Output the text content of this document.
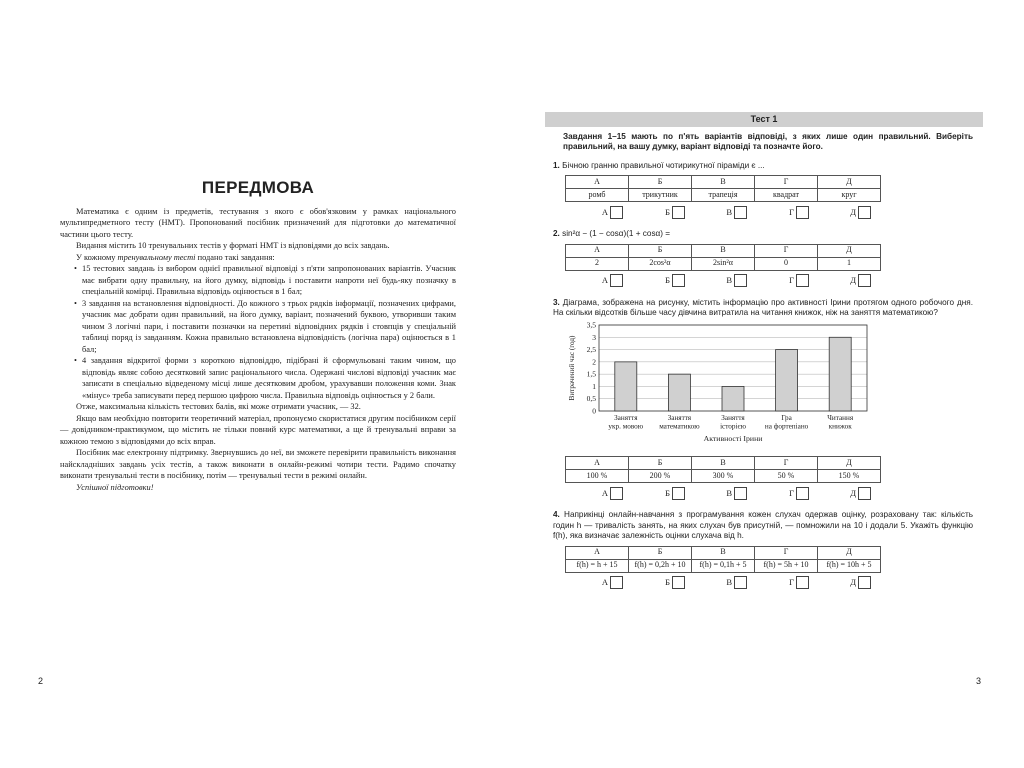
ПЕРЕДМОВА

Математика є одним із предметів, тестування з якого є обов'язковим у рамках національного мультипредметного тесту (НМТ). Пропонований посібник призначений для підготовки до математичної частини цього тесту.

Видання містить 10 тренувальних тестів у форматі НМТ із відповідями до всіх завдань.

У кожному тренувальному тесті подано такі завдання:

• 15 тестових завдань із вибором однієї правильної відповіді з п'яти запропонованих варіантів. Учасник має вибрати одну правильну, на його думку, відповідь і поставити напроти неї будь-яку позначку в спеціальній комірці. Правильна відповідь оцінюється в 1 бал;
• 3 завдання на встановлення відповідності. До кожного з трьох рядків інформації, позначених цифрами, учасник має добрати один правильний, на його думку, варіант, позначений буквою, утворивши таким чином 3 логічні пари, і поставити позначки на перетині відповідних рядків і стовпців у спеціальній таблиці поряд із завданням. Кожна правильно встановлена відповідність (логічна пара) оцінюється в 1 бал;
• 4 завдання відкритої форми з короткою відповіддю, підібрані й сформульовані таким чином, що відповідь являє собою десятковий запис раціонального числа. Одержані числові відповіді учасник має записати в спеціально відведеному місці лише десятковим дробом, урахувавши положення коми. Знак «мінус» треба записувати перед першою цифрою числа. Правильна відповідь оцінюється у 2 бали.

Отже, максимальна кількість тестових балів, які може отримати учасник, — 32.

Якщо вам необхідно повторити теоретичний матеріал, пропонуємо скористатися другим посібником серії — довідником-практикумом, що містить не тільки повний курс математики, а ще й тренувальні вправи за кожною темою з відповідями до всіх вправ.

Посібник має електронну підтримку. Звернувшись до неї, ви зможете перевірити правильність виконання найскладніших завдань усіх тестів, а також виконати в онлайн-режимі чотири тести. Радимо спочатку виконати тренувальні тести в посібнику, потім — тренувальні тести в режимі онлайн.

Успішної підготовки!

2
Тест 1
Завдання 1–15 мають по п'ять варіантів відповіді, з яких лише один правильний. Виберіть правильний, на вашу думку, варіант відповіді та позначте його.
1. Бічною гранню правильної чотирикутної піраміди є ...
А	Б	В	Г	Д
ромб	трикутник	трапеція	квадрат	круг
А	Б	В	Г	Д
2. sin²α − (1 − cosα)(1 + cosα) =
А	Б	В	Г	Д
2	2cos²α	2sin²α	0	1
А	Б	В	Г	Д
3. Діаграма, зображена на рисунку, містить інформацію про активності Ірини протягом одного робочого дня. На скільки відсотків більше часу дівчина витратила на читання книжок, ніж на заняття математикою?
0
0,5
1
1,5
2
2,5
3
3,5
Заняття
укр. мовою
Заняття
математикою
Заняття
історією
Гра
на фортепіано
Читання
книжок
Активності Ірини
Витрачений час (год)
А	Б	В	Г	Д
100 %	200 %	300 %	50 %	150 %
А	Б	В	Г	Д
4. Наприкінці онлайн-навчання з програмування кожен слухач одержав оцінку, розраховану так: кількість годин h — тривалість занять, на яких слухач був присутній, — помножили на 10 і додали 5. Укажіть функцію f(h), яка визначає залежність оцінки слухача від h.
А	Б	В	Г	Д
f(h) = h + 15	f(h) = 0,2h + 10	f(h) = 0,1h + 5	f(h) = 5h + 10	f(h) = 10h + 5
А	Б	В	Г	Д
3
